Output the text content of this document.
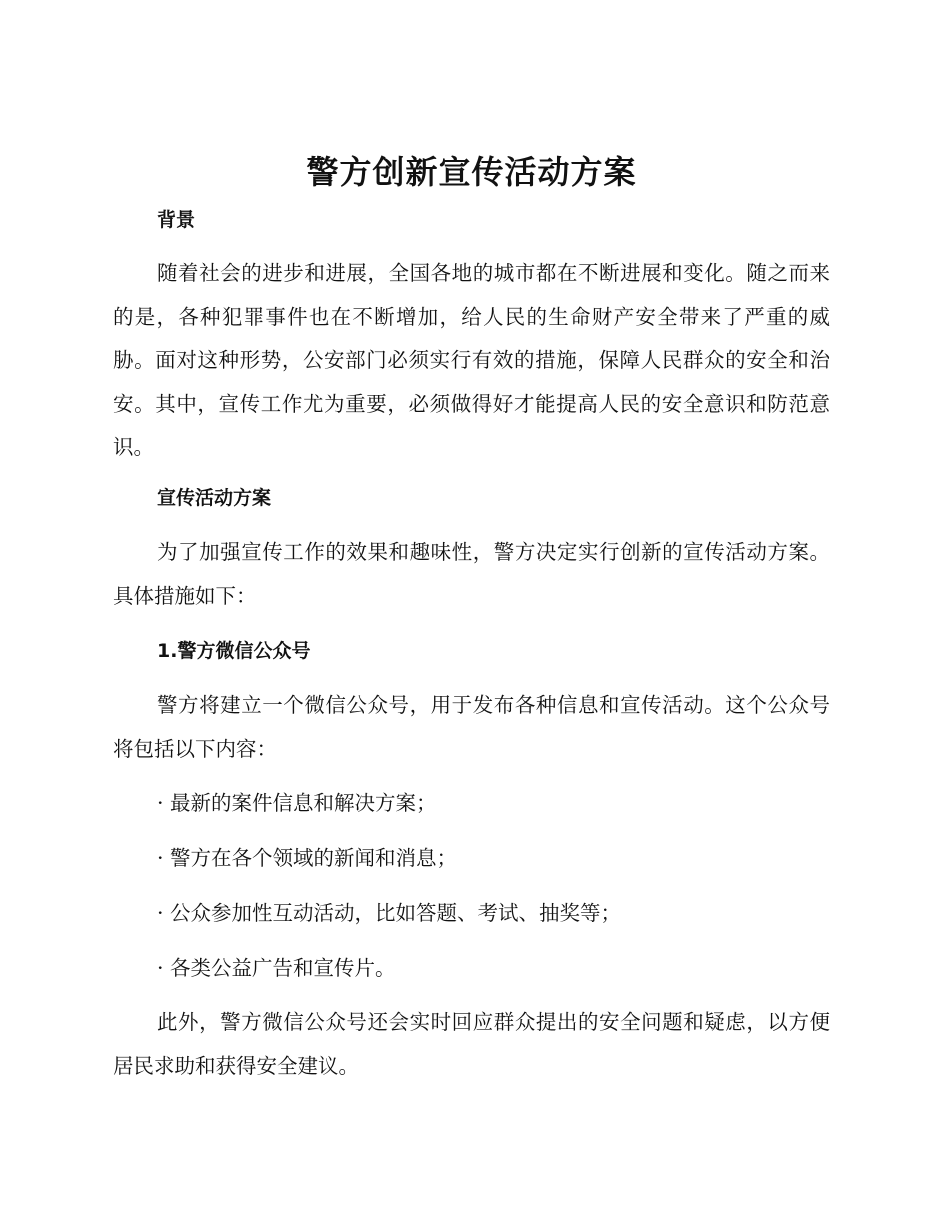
警方创新宣传活动方案
背景

随着社会的进步和进展，全国各地的城市都在不断进展和变化。随之而来的是，各种犯罪事件也在不断增加，给人民的生命财产安全带来了严重的威胁。面对这种形势，公安部门必须实行有效的措施，保障人民群众的安全和治安。其中，宣传工作尤为重要，必须做得好才能提高人民的安全意识和防范意识。

宣传活动方案

为了加强宣传工作的效果和趣味性，警方决定实行创新的宣传活动方案。具体措施如下：

1.警方微信公众号

警方将建立一个微信公众号，用于发布各种信息和宣传活动。这个公众号将包括以下内容：

· 最新的案件信息和解决方案；
· 警方在各个领域的新闻和消息；
· 公众参加性互动活动，比如答题、考试、抽奖等；
· 各类公益广告和宣传片。

此外，警方微信公众号还会实时回应群众提出的安全问题和疑虑，以方便居民求助和获得安全建议。
